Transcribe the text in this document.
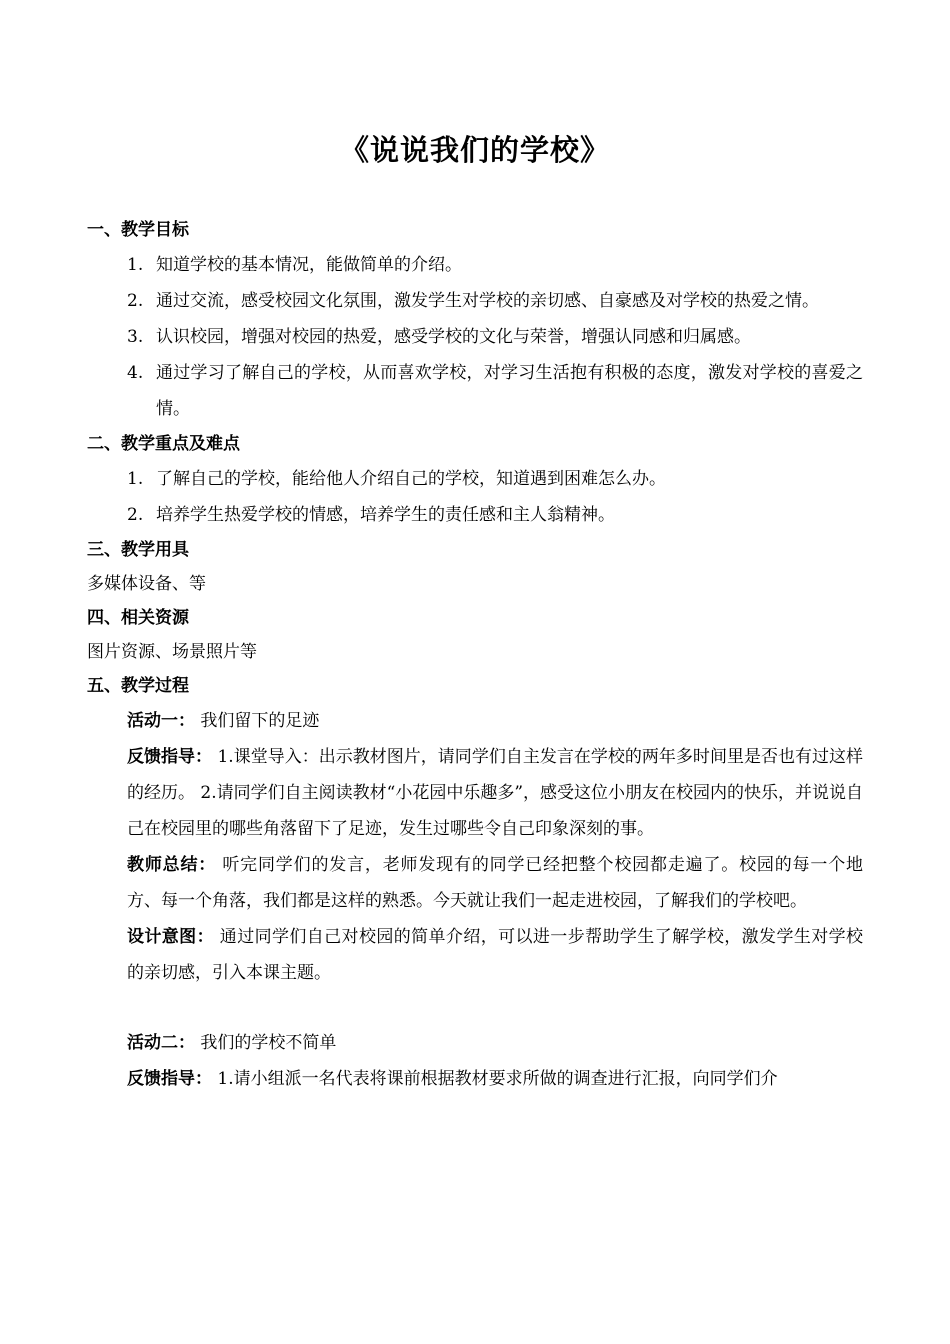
《说说我们的学校》
一、教学目标
1. 知道学校的基本情况，能做简单的介绍。
2. 通过交流，感受校园文化氛围，激发学生对学校的亲切感、自豪感及对学校的热爱之情。
3. 认识校园，增强对校园的热爱，感受学校的文化与荣誉，增强认同感和归属感。
4. 通过学习了解自己的学校，从而喜欢学校，对学习生活抱有积极的态度，激发对学校的喜爱之情。
二、教学重点及难点
1. 了解自己的学校，能给他人介绍自己的学校，知道遇到困难怎么办。
2. 培养学生热爱学校的情感，培养学生的责任感和主人翁精神。
三、教学用具
多媒体设备、等
四、相关资源
图片资源、场景照片等
五、教学过程
活动一： 我们留下的足迹
反馈指导： 1.课堂导入：出示教材图片，请同学们自主发言在学校的两年多时间里是否也有过这样的经历。 2.请同学们自主阅读教材“小花园中乐趣多”，感受这位小朋友在校园内的快乐，并说说自己在校园里的哪些角落留下了足迹，发生过哪些令自己印象深刻的事。
教师总结： 听完同学们的发言，老师发现有的同学已经把整个校园都走遍了。校园的每一个地方、每一个角落，我们都是这样的熟悉。今天就让我们一起走进校园，了解我们的学校吧。
设计意图： 通过同学们自己对校园的简单介绍，可以进一步帮助学生了解学校，激发学生对学校的亲切感，引入本课主题。
活动二： 我们的学校不简单
反馈指导： 1.请小组派一名代表将课前根据教材要求所做的调查进行汇报，向同学们介
